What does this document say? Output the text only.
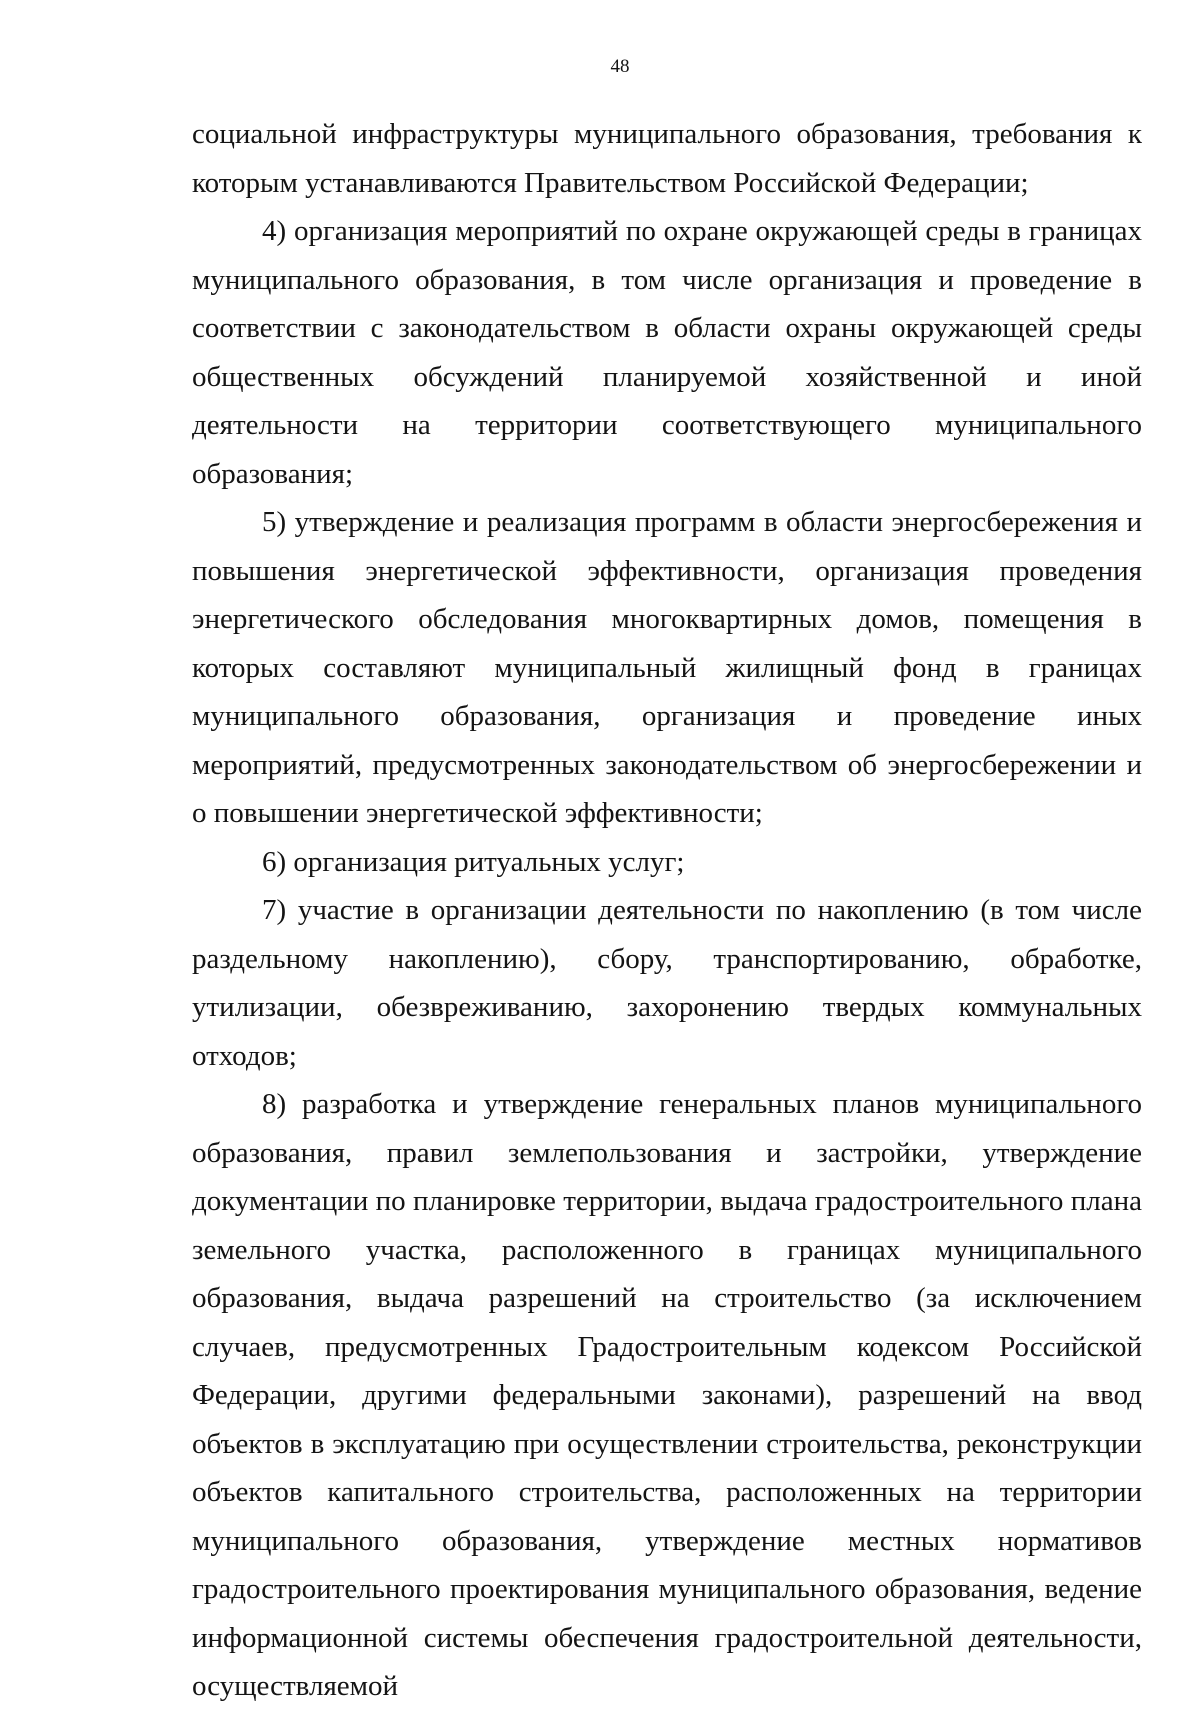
48

социальной инфраструктуры муниципального образования, требования к которым устанавливаются Правительством Российской Федерации;

4) организация мероприятий по охране окружающей среды в границах муниципального образования, в том числе организация и проведение в соответствии с законодательством в области охраны окружающей среды общественных обсуждений планируемой хозяйственной и иной деятельности на территории соответствующего муниципального образования;

5) утверждение и реализация программ в области энергосбережения и повышения энергетической эффективности, организация проведения энергетического обследования многоквартирных домов, помещения в которых составляют муниципальный жилищный фонд в границах муниципального образования, организация и проведение иных мероприятий, предусмотренных законодательством об энергосбережении и о повышении энергетической эффективности;

6) организация ритуальных услуг;

7) участие в организации деятельности по накоплению (в том числе раздельному накоплению), сбору, транспортированию, обработке, утилизации, обезвреживанию, захоронению твердых коммунальных отходов;

8) разработка и утверждение генеральных планов муниципального образования, правил землепользования и застройки, утверждение документации по планировке территории, выдача градостроительного плана земельного участка, расположенного в границах муниципального образования, выдача разрешений на строительство (за исключением случаев, предусмотренных Градостроительным кодексом Российской Федерации, другими федеральными законами), разрешений на ввод объектов в эксплуатацию при осуществлении строительства, реконструкции объектов капитального строительства, расположенных на территории муниципального образования, утверждение местных нормативов градостроительного проектирования муниципального образования, ведение информационной системы обеспечения градостроительной деятельности, осуществляемой
